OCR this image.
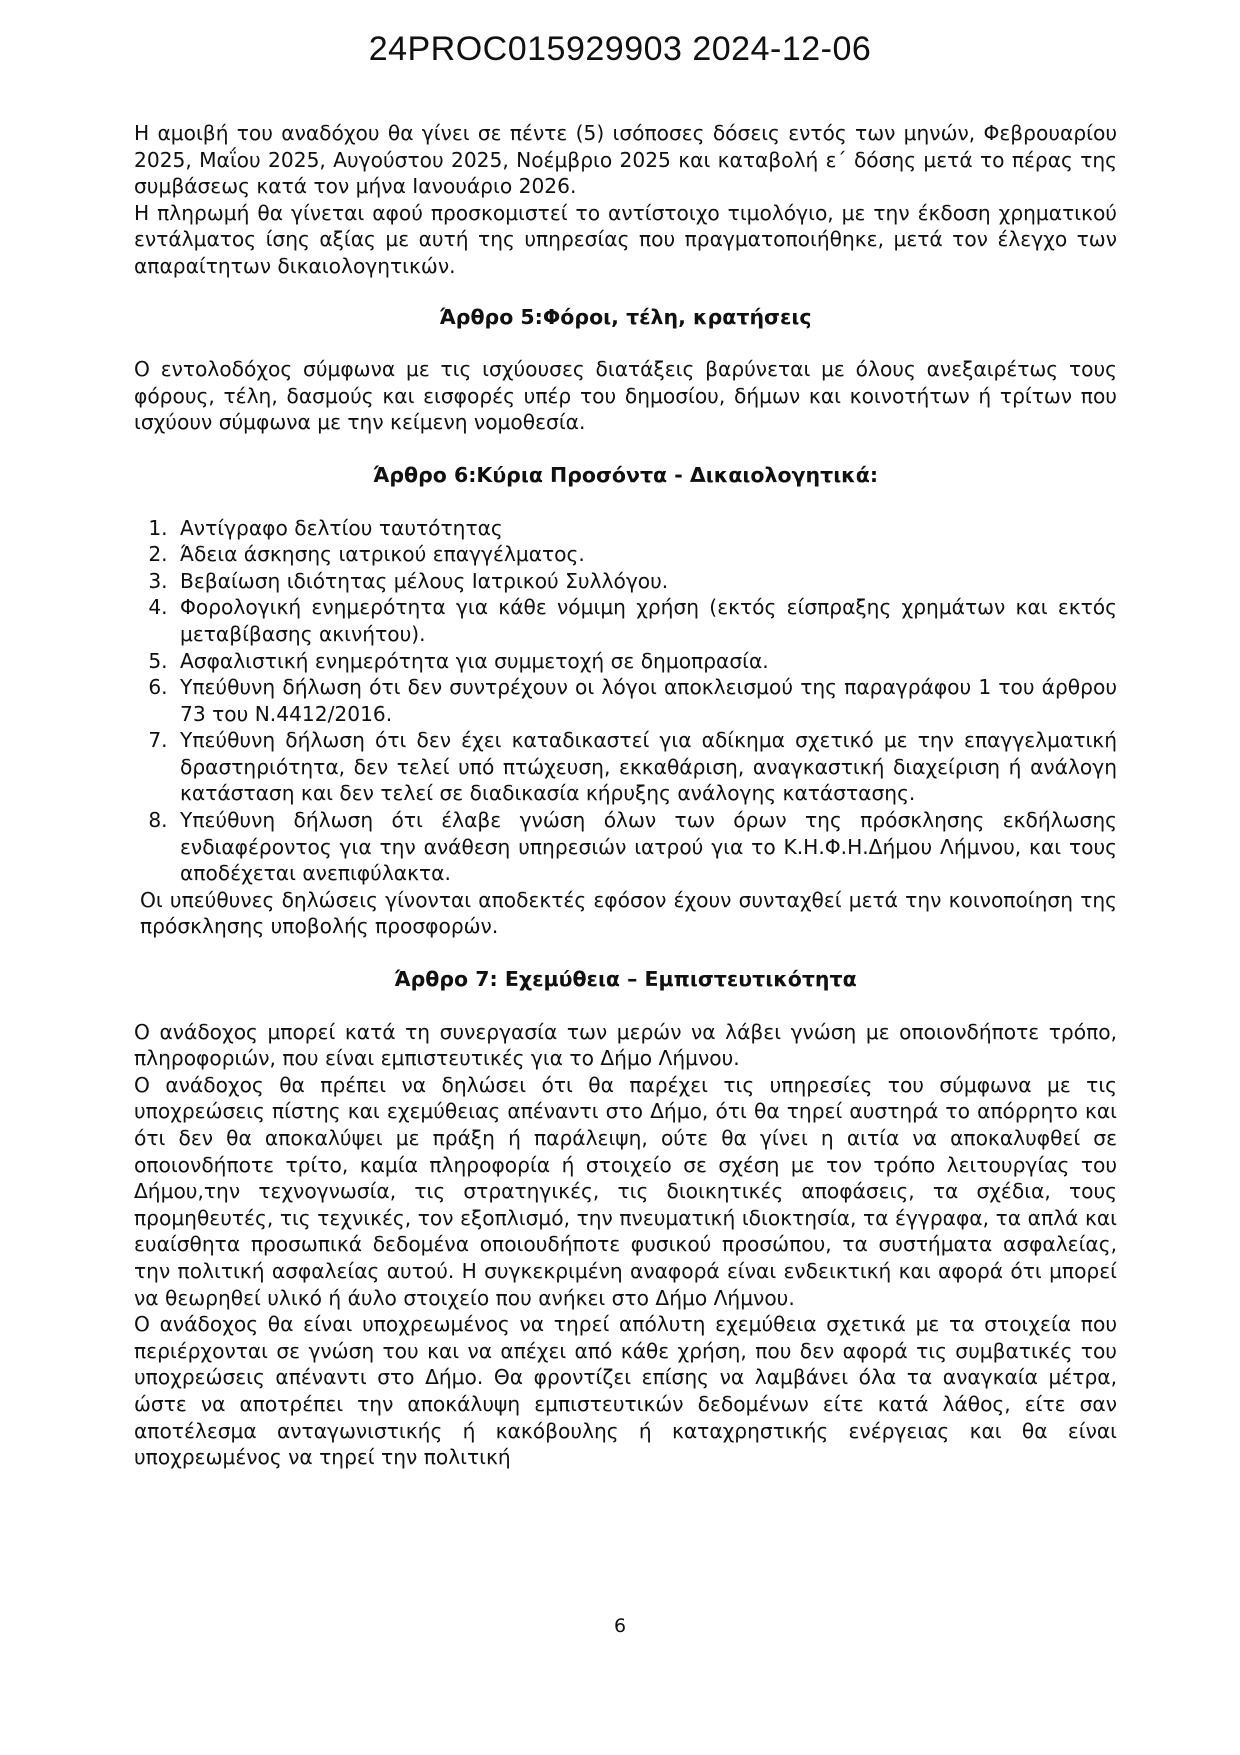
24PROC015929903 2024-12-06

Η αμοιβή του αναδόχου θα γίνει σε πέντε (5) ισόποσες δόσεις εντός των μηνών, Φεβρουαρίου 2025, Μαΐου 2025, Αυγούστου 2025, Νοέμβριο 2025 και καταβολή ε΄ δόσης μετά το πέρας της συμβάσεως κατά τον μήνα Ιανουάριο 2026.

Η πληρωμή θα γίνεται αφού προσκομιστεί το αντίστοιχο τιμολόγιο, με την έκδοση χρηματικού εντάλματος ίσης αξίας με αυτή της υπηρεσίας που πραγματοποιήθηκε, μετά τον έλεγχο των απαραίτητων δικαιολογητικών.

Άρθρο 5:Φόροι, τέλη, κρατήσεις

Ο εντολοδόχος σύμφωνα με τις ισχύουσες διατάξεις βαρύνεται με όλους ανεξαιρέτως τους φόρους, τέλη, δασμούς και εισφορές υπέρ του δημοσίου, δήμων και κοινοτήτων ή τρίτων που ισχύουν σύμφωνα με την κείμενη νομοθεσία.

Άρθρο 6:Κύρια Προσόντα - Δικαιολογητικά:
1. Αντίγραφο δελτίου ταυτότητας
2. Άδεια άσκησης ιατρικού επαγγέλματος.
3. Βεβαίωση ιδιότητας μέλους Ιατρικού Συλλόγου.
4. Φορολογική ενημερότητα για κάθε νόμιμη χρήση (εκτός είσπραξης χρημάτων και εκτός μεταβίβασης ακινήτου).
5. Ασφαλιστική ενημερότητα για συμμετοχή σε δημοπρασία.
6. Υπεύθυνη δήλωση ότι δεν συντρέχουν οι λόγοι αποκλεισμού της παραγράφου 1 του άρθρου 73 του Ν.4412/2016.
7. Υπεύθυνη δήλωση ότι δεν έχει καταδικαστεί για αδίκημα σχετικό με την επαγγελματική δραστηριότητα, δεν τελεί υπό πτώχευση, εκκαθάριση, αναγκαστική διαχείριση ή ανάλογη κατάσταση και δεν τελεί σε διαδικασία κήρυξης ανάλογης κατάστασης.
8. Υπεύθυνη δήλωση ότι έλαβε γνώση όλων των όρων της πρόσκλησης εκδήλωσης ενδιαφέροντος για την ανάθεση υπηρεσιών ιατρού για το Κ.Η.Φ.Η.Δήμου Λήμνου, και τους αποδέχεται ανεπιφύλακτα.

Οι υπεύθυνες δηλώσεις γίνονται αποδεκτές εφόσον έχουν συνταχθεί μετά την κοινοποίηση της πρόσκλησης υποβολής προσφορών.

Άρθρο 7: Εχεμύθεια – Εμπιστευτικότητα

Ο ανάδοχος μπορεί κατά τη συνεργασία των μερών να λάβει γνώση με οποιονδήποτε τρόπο, πληροφοριών, που είναι εμπιστευτικές για το Δήμο Λήμνου.

Ο ανάδοχος θα πρέπει να δηλώσει ότι θα παρέχει τις υπηρεσίες του σύμφωνα με τις υποχρεώσεις πίστης και εχεμύθειας απέναντι στο Δήμο, ότι θα τηρεί αυστηρά το απόρρητο και ότι δεν θα αποκαλύψει με πράξη ή παράλειψη, ούτε θα γίνει η αιτία να αποκαλυφθεί σε οποιονδήποτε τρίτο, καμία πληροφορία ή στοιχείο σε σχέση με τον τρόπο λειτουργίας του Δήμου,την τεχνογνωσία, τις στρατηγικές, τις διοικητικές αποφάσεις, τα σχέδια, τους προμηθευτές, τις τεχνικές, τον εξοπλισμό, την πνευματική ιδιοκτησία, τα έγγραφα, τα απλά και ευαίσθητα προσωπικά δεδομένα οποιουδήποτε φυσικού προσώπου, τα συστήματα ασφαλείας, την πολιτική ασφαλείας αυτού. Η συγκεκριμένη αναφορά είναι ενδεικτική και αφορά ότι μπορεί να θεωρηθεί υλικό ή άυλο στοιχείο που ανήκει στο Δήμο Λήμνου.

Ο ανάδοχος θα είναι υποχρεωμένος να τηρεί απόλυτη εχεμύθεια σχετικά με τα στοιχεία που περιέρχονται σε γνώση του και να απέχει από κάθε χρήση, που δεν αφορά τις συμβατικές του υποχρεώσεις απέναντι στο Δήμο. Θα φροντίζει επίσης να λαμβάνει όλα τα αναγκαία μέτρα, ώστε να αποτρέπει την αποκάλυψη εμπιστευτικών δεδομένων είτε κατά λάθος, είτε σαν αποτέλεσμα ανταγωνιστικής ή κακόβουλης ή καταχρηστικής ενέργειας και θα είναι υποχρεωμένος να τηρεί την πολιτική

6
